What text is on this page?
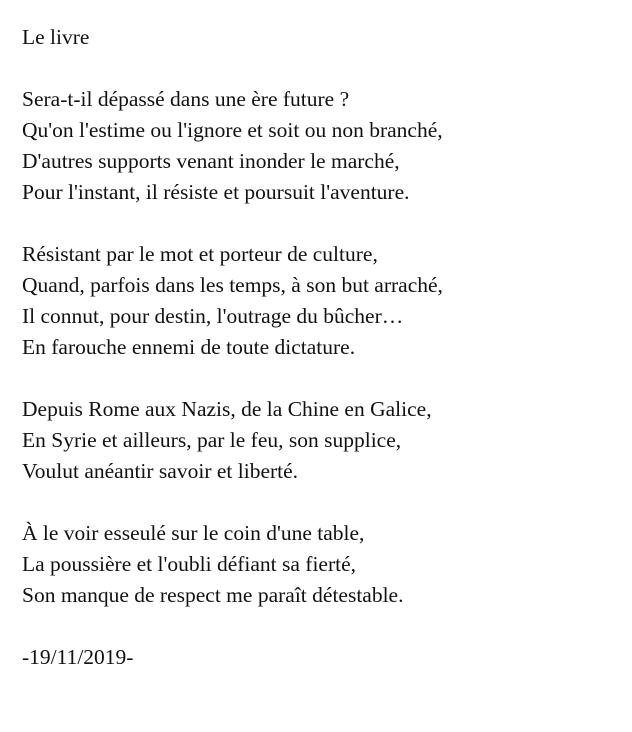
Le livre
Sera-t-il dépassé dans une ère future ?
Qu'on l'estime ou l'ignore et soit ou non branché,
D'autres supports venant inonder le marché,
Pour l'instant, il résiste et poursuit l'aventure.
Résistant par le mot et porteur de culture,
Quand, parfois dans les temps, à son but arraché,
Il connut, pour destin, l'outrage du bûcher…
En farouche ennemi de toute dictature.
Depuis Rome aux Nazis, de la Chine en Galice,
En Syrie et ailleurs, par le feu, son supplice,
Voulut anéantir savoir et liberté.
À le voir esseulé sur le coin d'une table,
La poussière et l'oubli défiant sa fierté,
Son manque de respect me paraît détestable.
-19/11/2019-
